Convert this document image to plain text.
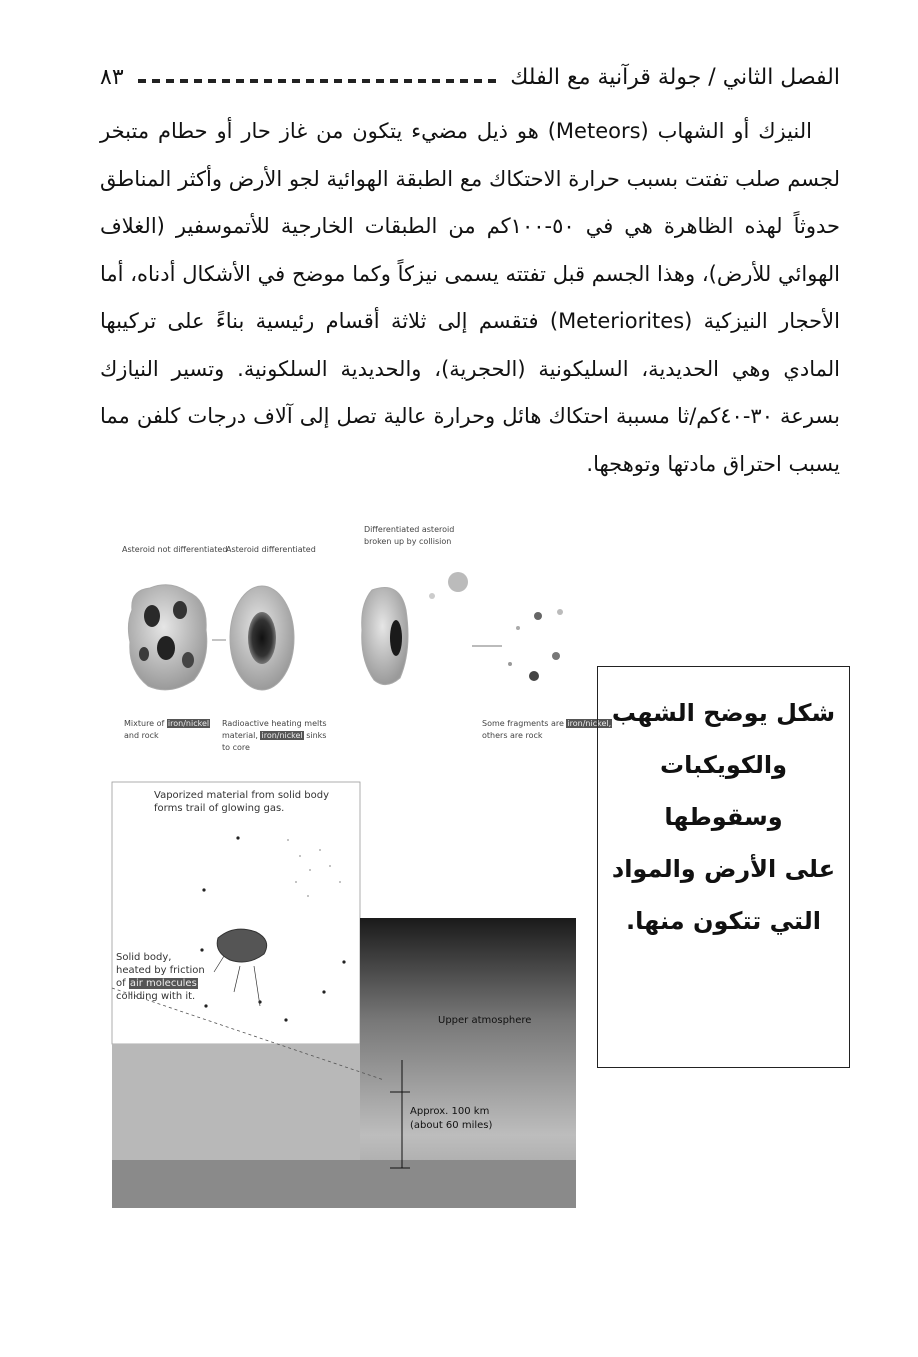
الفصل الثاني / جولة قرآنية مع الفلك
٨٣

النيزك أو الشهاب (Meteors) هو ذيل مضيء يتكون من غاز حار أو حطام متبخر لجسم صلب تفتت بسبب حرارة الاحتكاك مع الطبقة الهوائية لجو الأرض وأكثر المناطق حدوثاً لهذه الظاهرة هي في ٥٠-١٠٠كم من الطبقات الخارجية للأتموسفير (الغلاف الهوائي للأرض)، وهذا الجسم قبل تفتته يسمى نيزكاً وكما موضح في الأشكال أدناه، أما الأحجار النيزكية (Meteriorites) فتقسم إلى ثلاثة أقسام رئيسية بناءً على تركيبها المادي وهي الحديدية، السليكونية (الحجرية)، والحديدية السلكونية. وتسير النيازك بسرعة ٣٠-٤٠كم/ثا مسببة احتكاك هائل وحرارة عالية تصل إلى آلاف درجات كلفن مما يسبب احتراق مادتها وتوهجها.

Asteroid not differentiated
Asteroid differentiated
Differentiated asteroid
broken up by collision
Mixture of iron/nickel
and rock
Radioactive heating melts
material, iron/nickel sinks
to core
Some fragments are iron/nickel,
others are rock
Vaporized material from solid body
forms trail of glowing gas.
Solid body,
heated by friction
of air molecules
colliding with it.
Upper atmosphere
Approx. 100 km
(about 60 miles)
شكل يوضح الشهب
والكويكبات وسقوطها
على الأرض والمواد
التي تتكون منها.
